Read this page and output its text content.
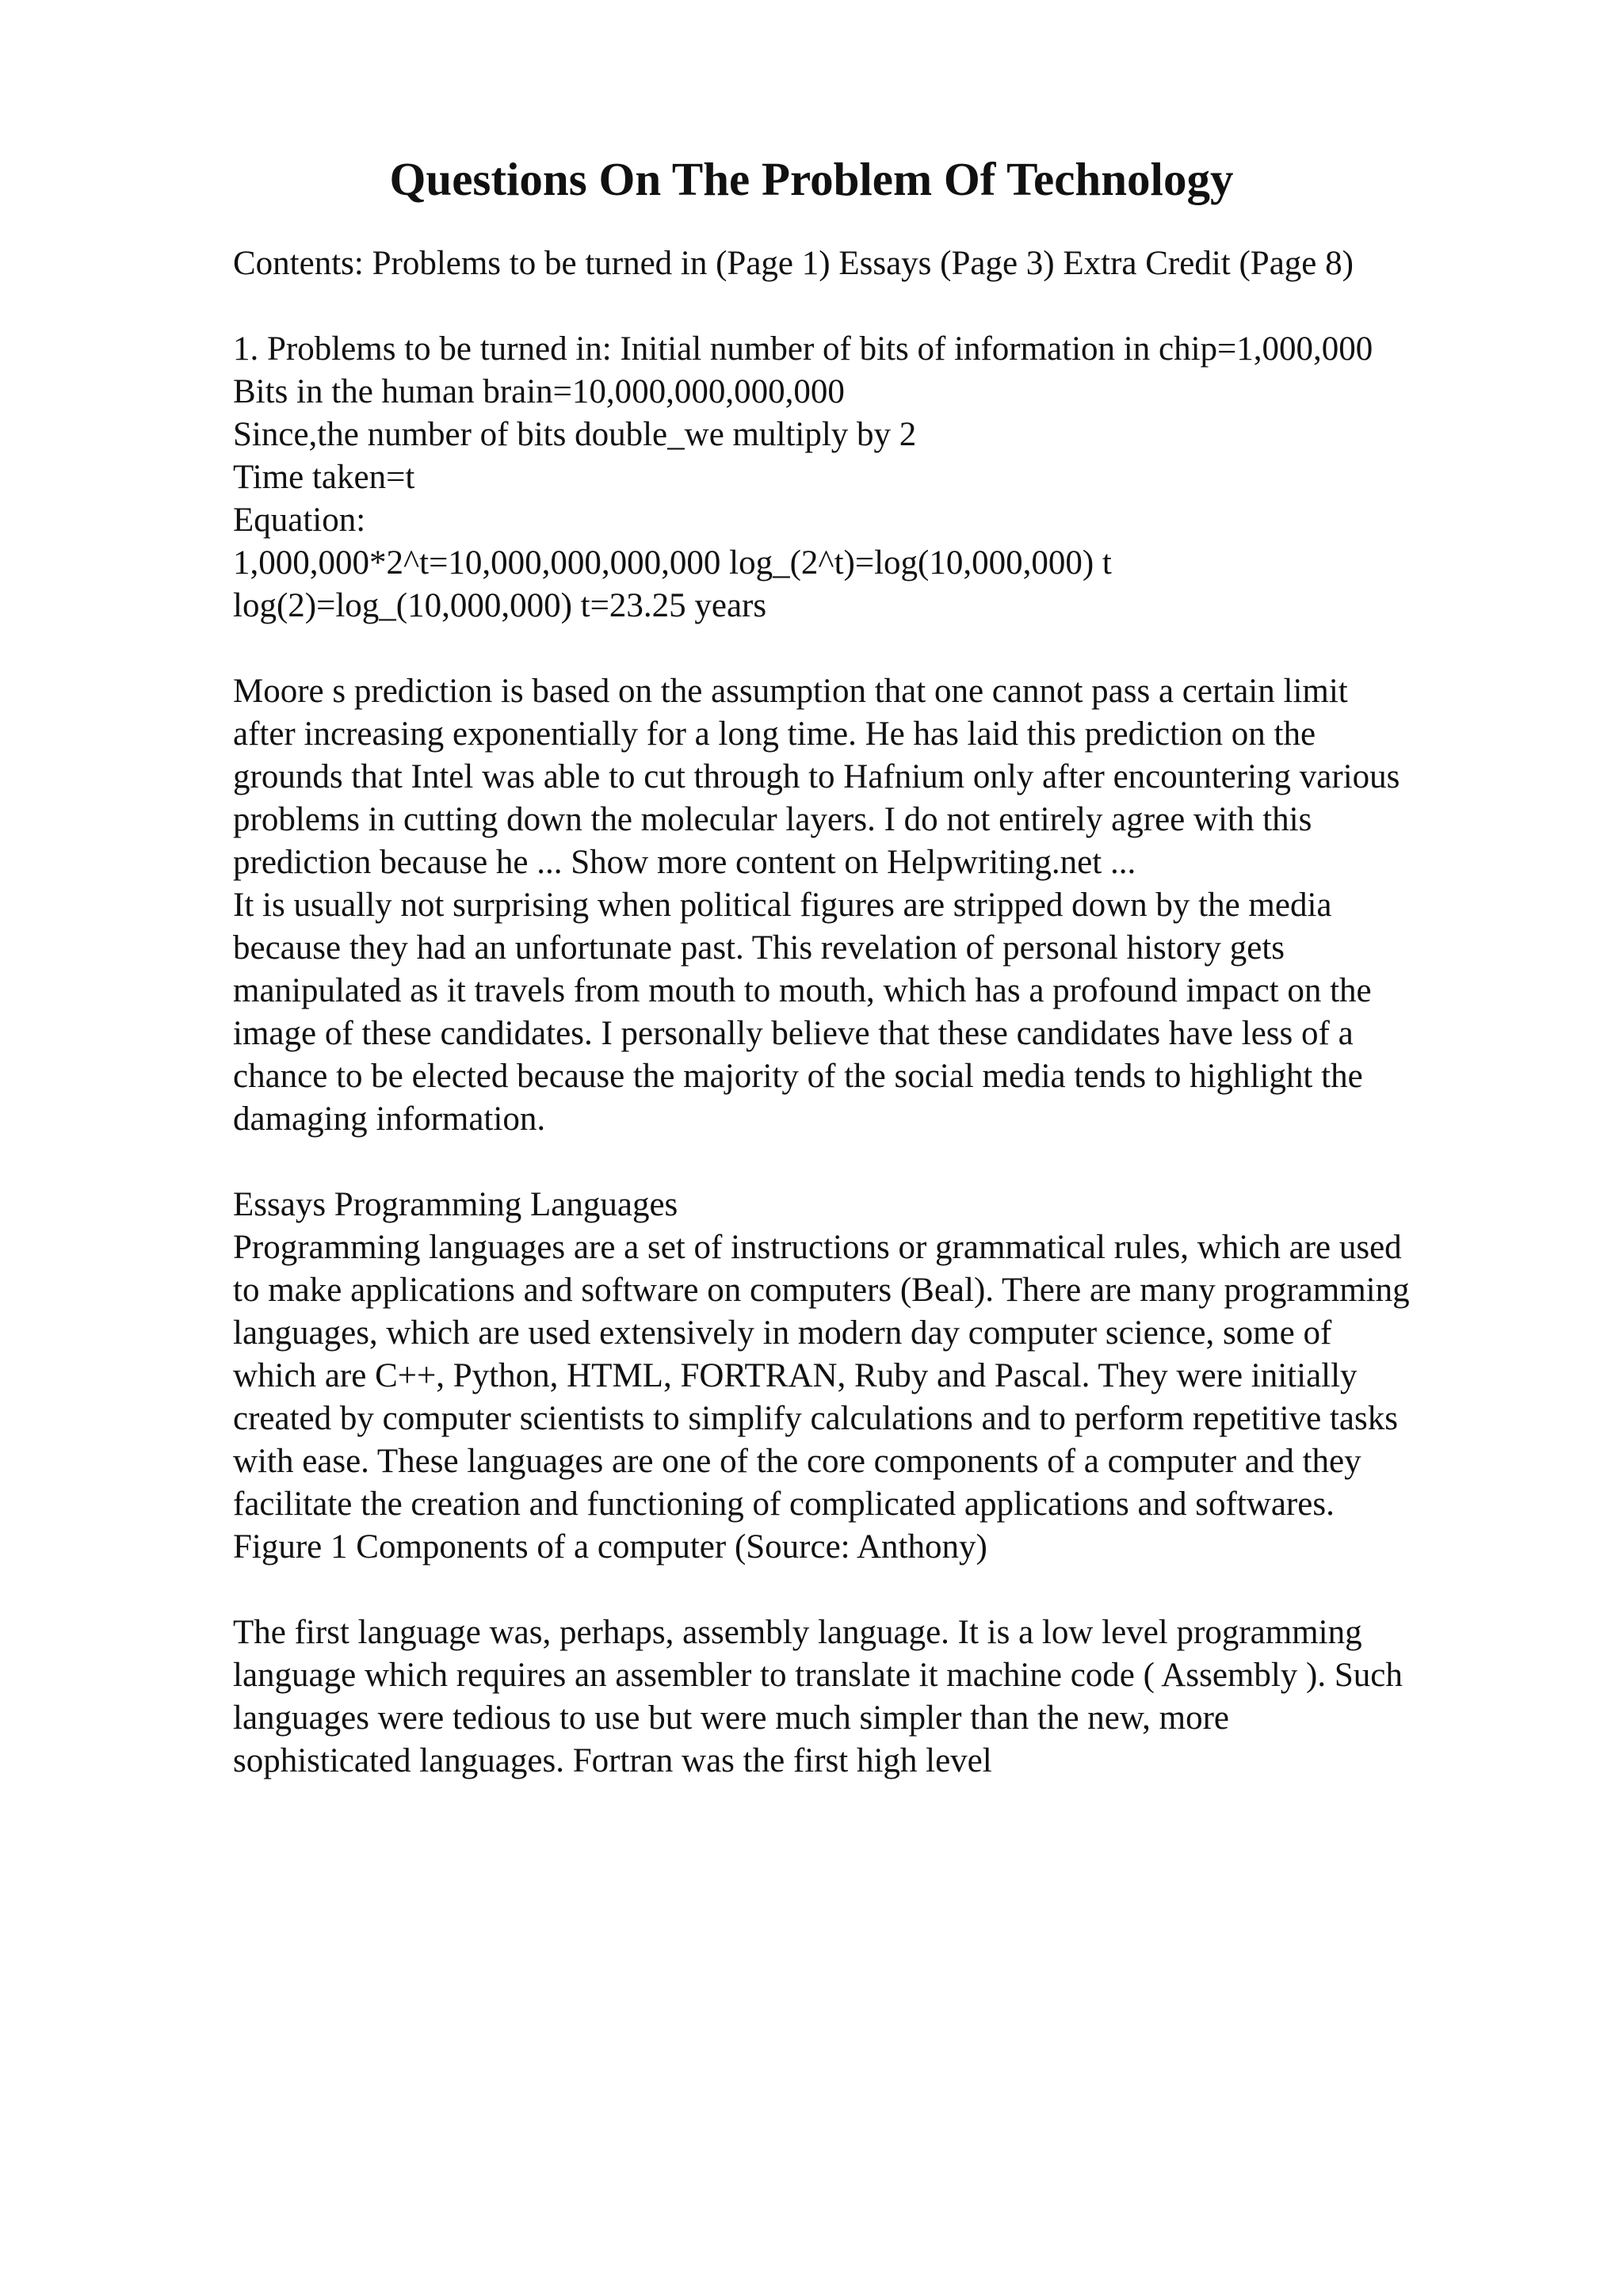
Questions On The Problem Of Technology
Contents: Problems to be turned in (Page 1) Essays (Page 3) Extra Credit (Page 8)
1. Problems to be turned in: Initial number of bits of information in chip=1,000,000
Bits in the human brain=10,000,000,000,000
Since,the number of bits double_we multiply by 2
Time taken=t
Equation:
1,000,000*2^t=10,000,000,000,000 log_(2^t)=log(10,000,000) t
log(2)=log_(10,000,000) t=23.25 years
Moore s prediction is based on the assumption that one cannot pass a certain limit
after increasing exponentially for a long time. He has laid this prediction on the
grounds that Intel was able to cut through to Hafnium only after encountering various
problems in cutting down the molecular layers. I do not entirely agree with this
prediction because he ... Show more content on Helpwriting.net ...
It is usually not surprising when political figures are stripped down by the media
because they had an unfortunate past. This revelation of personal history gets
manipulated as it travels from mouth to mouth, which has a profound impact on the
image of these candidates. I personally believe that these candidates have less of a
chance to be elected because the majority of the social media tends to highlight the
damaging information.
Essays Programming Languages
Programming languages are a set of instructions or grammatical rules, which are used
to make applications and software on computers (Beal). There are many programming
languages, which are used extensively in modern day computer science, some of
which are C++, Python, HTML, FORTRAN, Ruby and Pascal. They were initially
created by computer scientists to simplify calculations and to perform repetitive tasks
with ease. These languages are one of the core components of a computer and they
facilitate the creation and functioning of complicated applications and softwares.
Figure 1 Components of a computer (Source: Anthony)
The first language was, perhaps, assembly language. It is a low level programming
language which requires an assembler to translate it machine code ( Assembly ). Such
languages were tedious to use but were much simpler than the new, more
sophisticated languages. Fortran was the first high level
